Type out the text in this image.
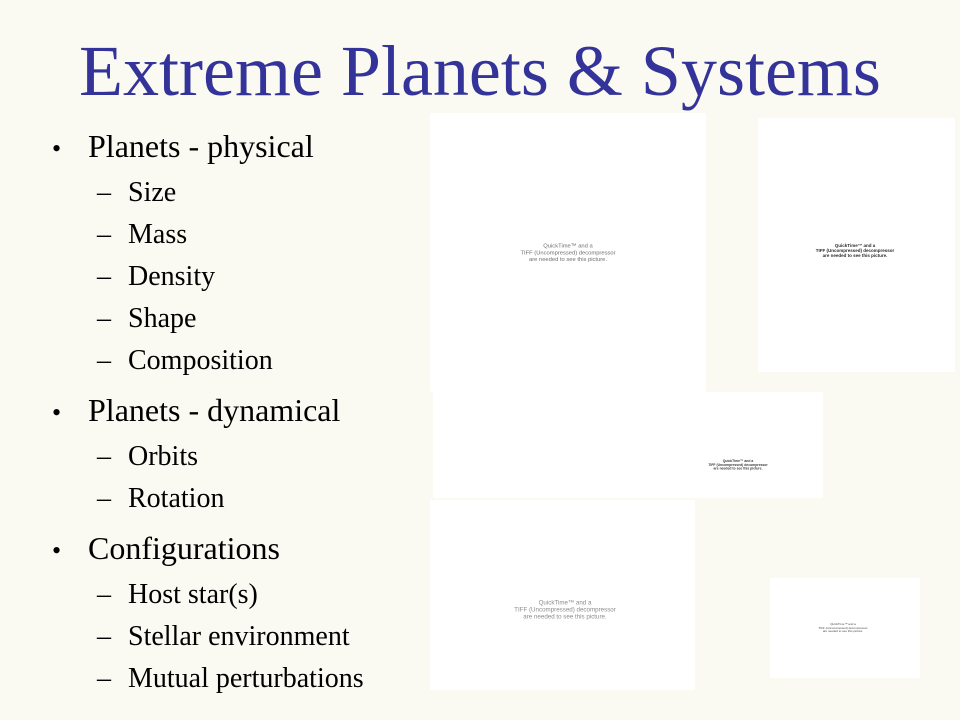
QuickTime™ and a
TIFF (Uncompressed) decompressor
are needed to see this picture.
QuickTime™ and a
TIFF (Uncompressed) decompressor
are needed to see this picture.
QuickTime™ and a
TIFF (Uncompressed) decompressor
are needed to see this picture.
QuickTime™ and a
TIFF (Uncompressed) decompressor
are needed to see this picture.
QuickTime™ and a
TIFF (Uncompressed) decompressor
are needed to see this picture.
Extreme Planets & Systems
• Planets - physical
– Size
– Mass
– Density
– Shape
– Composition
• Planets - dynamical
– Orbits
– Rotation
• Configurations
– Host star(s)
– Stellar environment
– Mutual perturbations
